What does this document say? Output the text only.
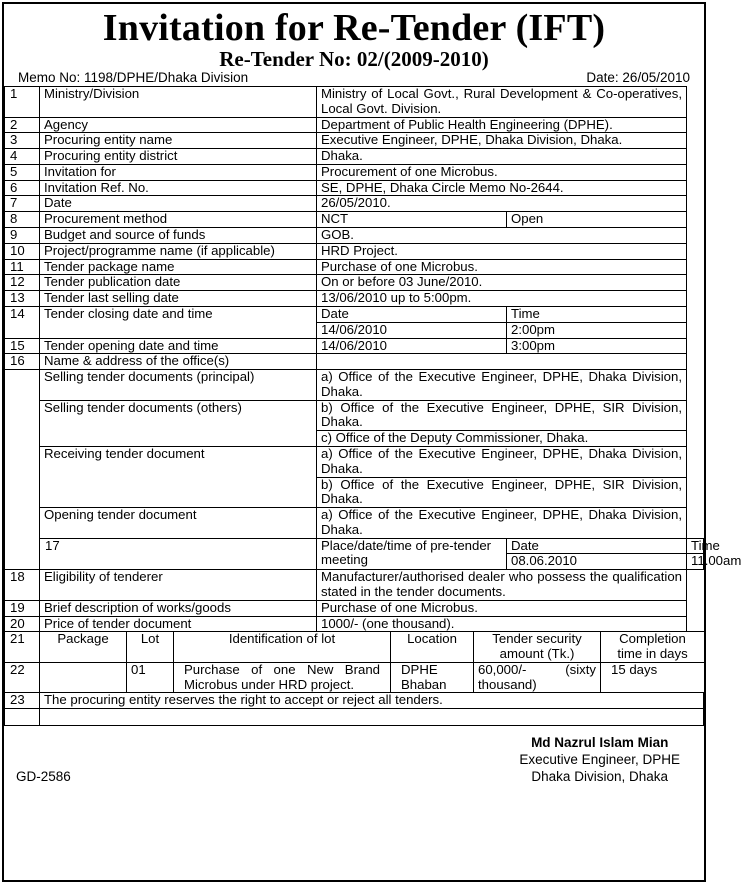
Invitation for Re-Tender (IFT)
Re-Tender No: 02/(2009-2010)
Memo No: 1198/DPHE/Dhaka Division	Date: 26/05/2010
1	Ministry/Division	Ministry of Local Govt., Rural Development & Co-operatives, Local Govt. Division.		
2	Agency	Department of Public Health Engineering (DPHE).		
3	Procuring entity name	Executive Engineer, DPHE, Dhaka Division, Dhaka.		
4	Procuring entity district	Dhaka.		
5	Invitation for	Procurement of one Microbus.		
6	Invitation Ref. No.	SE, DPHE, Dhaka Circle Memo No-2644.		
7	Date	26/05/2010.		
8	Procurement method	NCT	Open	
9	Budget and source of funds	GOB.		
10	Project/programme name (if applicable)	HRD Project.		
11	Tender package name	Purchase of one Microbus.		
12	Tender publication date	On or before 03 June/2010.		
13	Tender last selling date	13/06/2010 up to 5:00pm.		
14	Tender closing date and time	Date	Time	
		14/06/2010	2:00pm	
15	Tender opening date and time	14/06/2010	3:00pm	
16	Name & address of the office(s)			
	Selling tender documents (principal)	a) Office of the Executive Engineer, DPHE, Dhaka Division, Dhaka.		
	Selling tender documents (others)	b) Office of the Executive Engineer, DPHE, SIR Division, Dhaka.		
		c) Office of the Deputy Commissioner, Dhaka.		
	Receiving tender document	a) Office of the Executive Engineer, DPHE, Dhaka Division, Dhaka.		
		b) Office of the Executive Engineer, DPHE, SIR Division, Dhaka.		
	Opening tender document	a) Office of the Executive Engineer, DPHE, Dhaka Division, Dhaka.		
	17	Place/date/time of pre-tender meeting	Date	Time
			08.06.2010	11.00am
18	Eligibility of tenderer	Manufacturer/authorised dealer who possess the qualification stated in the tender documents.		
19	Brief description of works/goods	Purchase of one Microbus.		
20	Price of tender document	1000/- (one thousand).		
21	Package	Lot	Identification of lot	Location	Tender security amount (Tk.)	Completion time in days
22		01	Purchase of one New Brand Microbus under HRD project.	DPHE Bhaban	60,000/- (sixty thousand)	15 days
23	The procuring entity reserves the right to accept or reject all tenders.

GD-2586
Md Nazrul Islam Mian
Executive Engineer, DPHE
Dhaka Division, Dhaka
